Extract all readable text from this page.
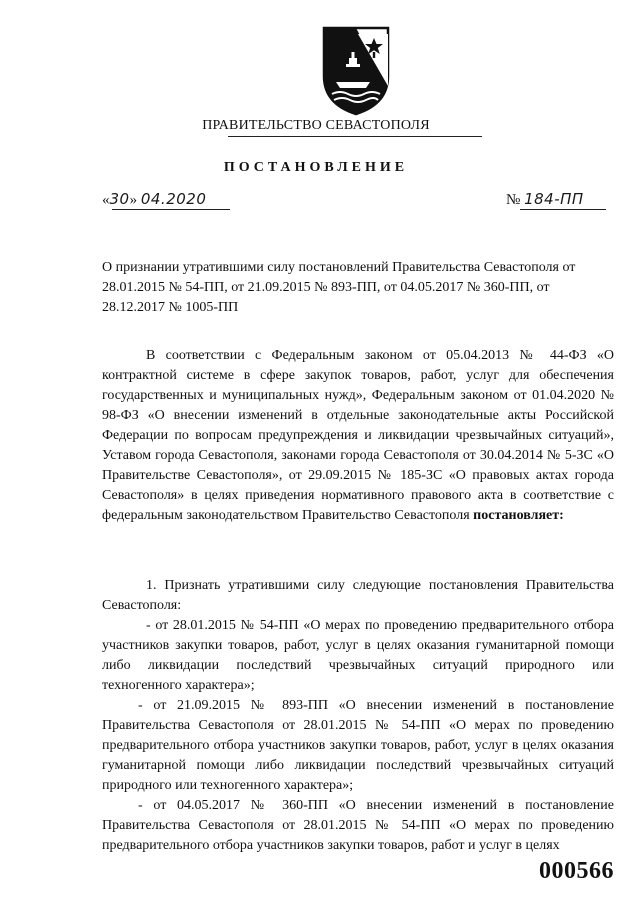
ПРАВИТЕЛЬСТВО СЕВАСТОПОЛЯ
ПОСТАНОВЛЕНИЕ
«30» 04.2020	№ 184-ПП

О признании утратившими силу постановлений Правительства Севастополя от 28.01.2015 № 54-ПП, от 21.09.2015 № 893-ПП, от 04.05.2017 № 360-ПП, от 28.12.2017 № 1005-ПП

В соответствии с Федеральным законом от 05.04.2013 № 44-ФЗ «О контрактной системе в сфере закупок товаров, работ, услуг для обеспечения государственных и муниципальных нужд», Федеральным законом от 01.04.2020 № 98-ФЗ «О внесении изменений в отдельные законодательные акты Российской Федерации по вопросам предупреждения и ликвидации чрезвычайных ситуаций», Уставом города Севастополя, законами города Севастополя от 30.04.2014 № 5-ЗС «О Правительстве Севастополя», от 29.09.2015 № 185-ЗС «О правовых актах города Севастополя» в целях приведения нормативного правового акта в соответствие с федеральным законодательством Правительство Севастополя постановляет:

1. Признать утратившими силу следующие постановления Правительства Севастополя:

- от 28.01.2015 № 54-ПП «О мерах по проведению предварительного отбора участников закупки товаров, работ, услуг в целях оказания гуманитарной помощи либо ликвидации последствий чрезвычайных ситуаций природного или техногенного характера»;

- от 21.09.2015 № 893-ПП «О внесении изменений в постановление Правительства Севастополя от 28.01.2015 № 54-ПП «О мерах по проведению предварительного отбора участников закупки товаров, работ, услуг в целях оказания гуманитарной помощи либо ликвидации последствий чрезвычайных ситуаций природного или техногенного характера»;

- от 04.05.2017 № 360-ПП «О внесении изменений в постановление Правительства Севастополя от 28.01.2015 № 54-ПП «О мерах по проведению предварительного отбора участников закупки товаров, работ и услуг в целях

000566
